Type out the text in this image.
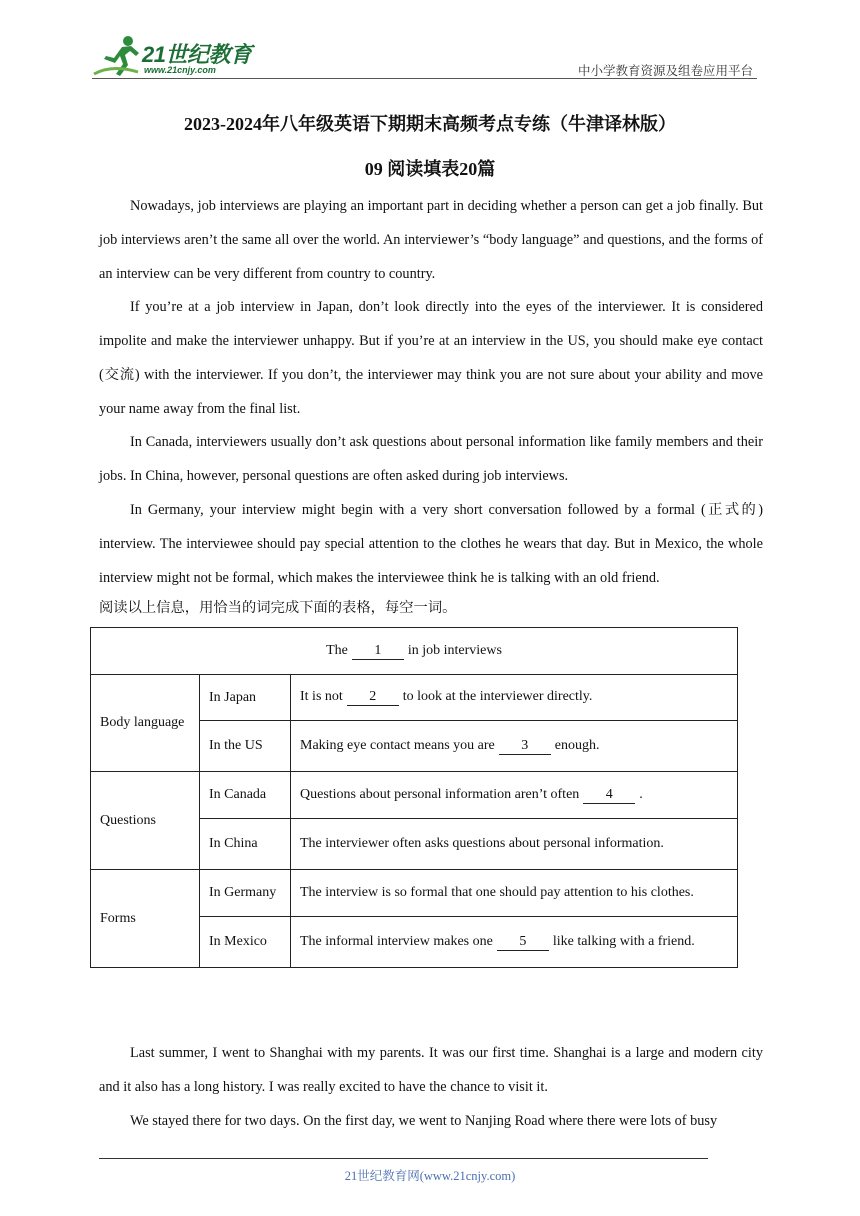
21世纪教育
www.21cnjy.com	中小学教育资源及组卷应用平台
2023-2024年八年级英语下期期末高频考点专练（牛津译林版）
09 阅读填表20篇

Nowadays, job interviews are playing an important part in deciding whether a person can get a job finally. But job interviews aren’t the same all over the world. An interviewer’s “body language” and questions, and the forms of an interview can be very different from country to country.

If you’re at a job interview in Japan, don’t look directly into the eyes of the interviewer. It is considered impolite and make the interviewer unhappy. But if you’re at an interview in the US, you should make eye contact (交流) with the interviewer. If you don’t, the interviewer may think you are not sure about your ability and move your name away from the final list.

In Canada, interviewers usually don’t ask questions about personal information like family members and their jobs. In China, however, personal questions are often asked during job interviews.

In Germany, your interview might begin with a very short conversation followed by a formal (正式的) interview. The interviewee should pay special attention to the clothes he wears that day. But in Mexico, the whole interview might not be formal, which makes the interviewee think he is talking with an old friend.

阅读以上信息，用恰当的词完成下面的表格，每空一词。

The 1 in job interviews		
Body language	In Japan	It is not 2 to look at the interviewer directly.
	In the US	Making eye contact means you are 3 enough.
Questions	In Canada	Questions about personal information aren’t often 4 .
	In China	The interviewer often asks questions about personal information.
Forms	In Germany	The interview is so formal that one should pay attention to his clothes.
	In Mexico	The informal interview makes one 5 like talking with a friend.

Last summer, I went to Shanghai with my parents. It was our first time. Shanghai is a large and modern city and it also has a long history. I was really excited to have the chance to visit it.

We stayed there for two days. On the first day, we went to Nanjing Road where there were lots of busy

21世纪教育网(www.21cnjy.com)
